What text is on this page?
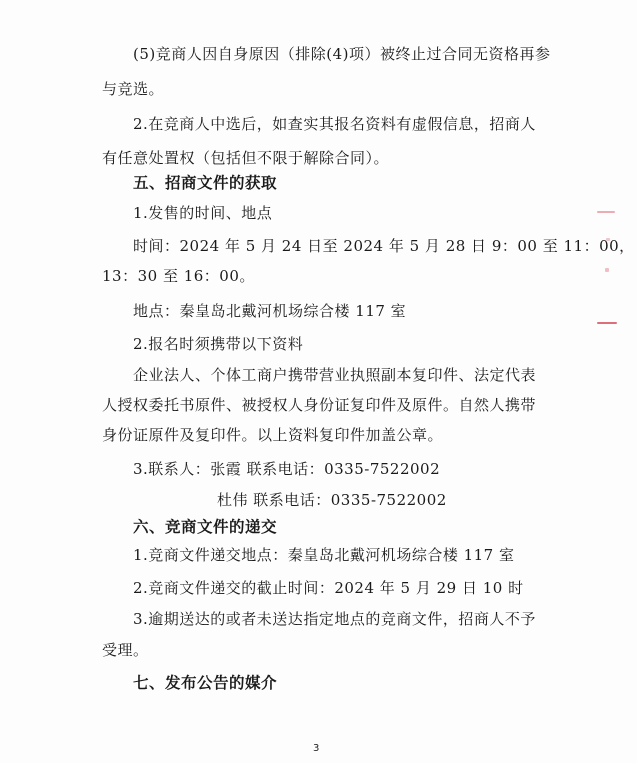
(5)竞商人因自身原因（排除(4)项）被终止过合同无资格再参
与竞选。
2.在竞商人中选后，如查实其报名资料有虚假信息，招商人
有任意处置权（包括但不限于解除合同）。
五、招商文件的获取
1.发售的时间、地点
时间：2024 年 5 月 24 日至 2024 年 5 月 28 日 9：00 至 11：00，
13：30 至 16：00。
地点：秦皇岛北戴河机场综合楼 117 室
2.报名时须携带以下资料
企业法人、个体工商户携带营业执照副本复印件、法定代表
人授权委托书原件、被授权人身份证复印件及原件。自然人携带
身份证原件及复印件。以上资料复印件加盖公章。
3.联系人：张霞 联系电话：0335-7522002
杜伟 联系电话：0335-7522002
六、竞商文件的递交
1.竞商文件递交地点：秦皇岛北戴河机场综合楼 117 室
2.竞商文件递交的截止时间：2024 年 5 月 29 日 10 时
3.逾期送达的或者未送达指定地点的竞商文件，招商人不予
受理。
七、发布公告的媒介
3
